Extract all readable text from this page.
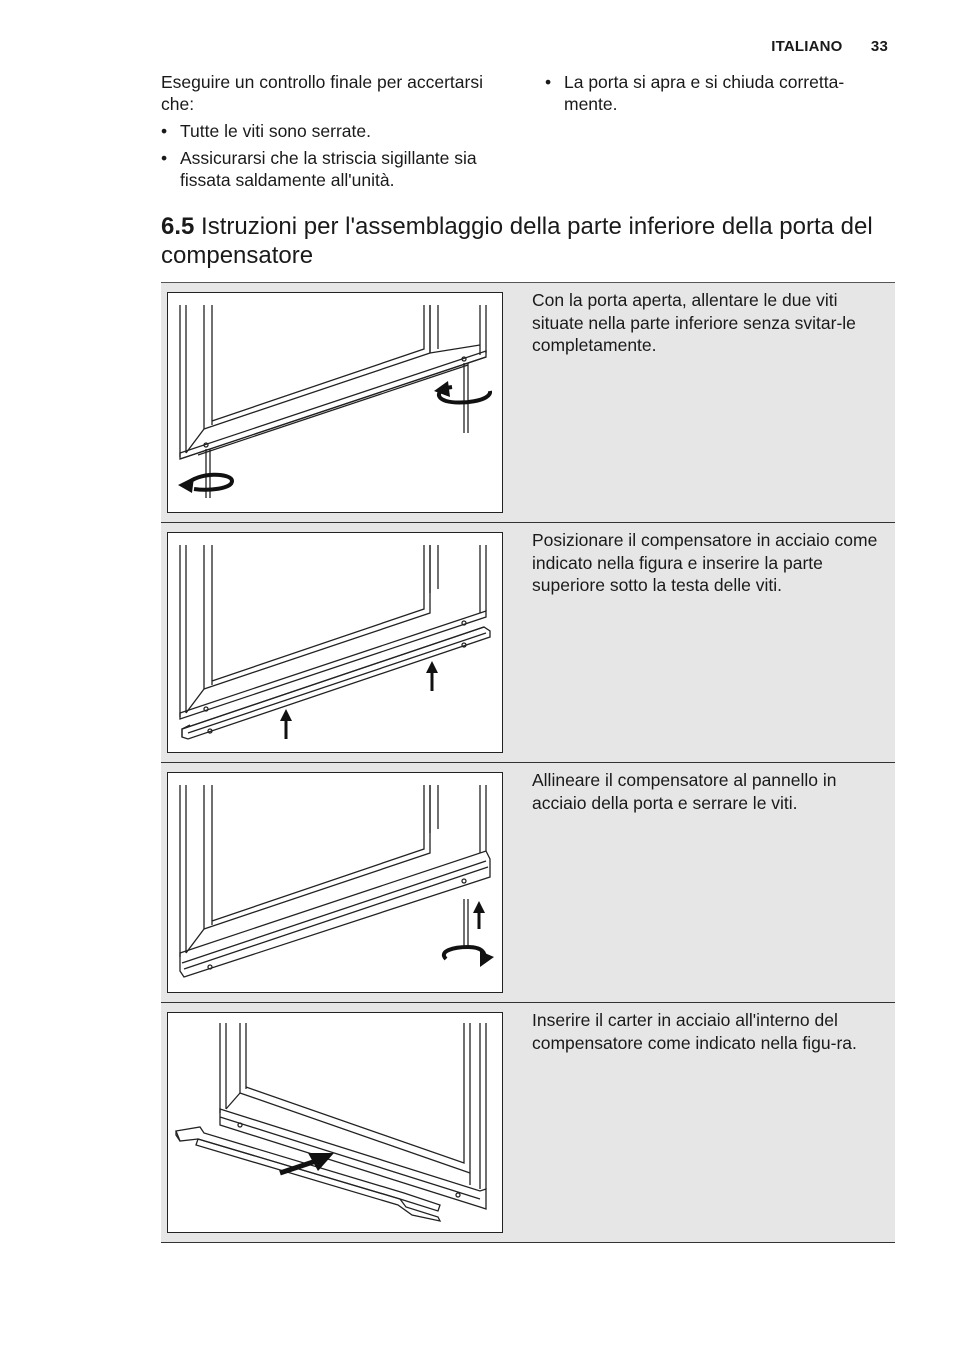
ITALIANO 33

Eseguire un controllo finale per accertarsi che:

• Tutte le viti sono serrate.
• Assicurarsi che la striscia sigillante sia fissata saldamente all'unità.
• La porta si apra e si chiuda corretta-mente.
6.5 Istruzioni per l'assemblaggio della parte inferiore della porta del compensatore
Con la porta aperta, allentare le due viti situate nella parte inferiore senza svitar-le completamente.
Posizionare il compensatore in acciaio come indicato nella figura e inserire la parte superiore sotto la testa delle viti.
Allineare il compensatore al pannello in acciaio della porta e serrare le viti.
Inserire il carter in acciaio all'interno del compensatore come indicato nella figu-ra.
